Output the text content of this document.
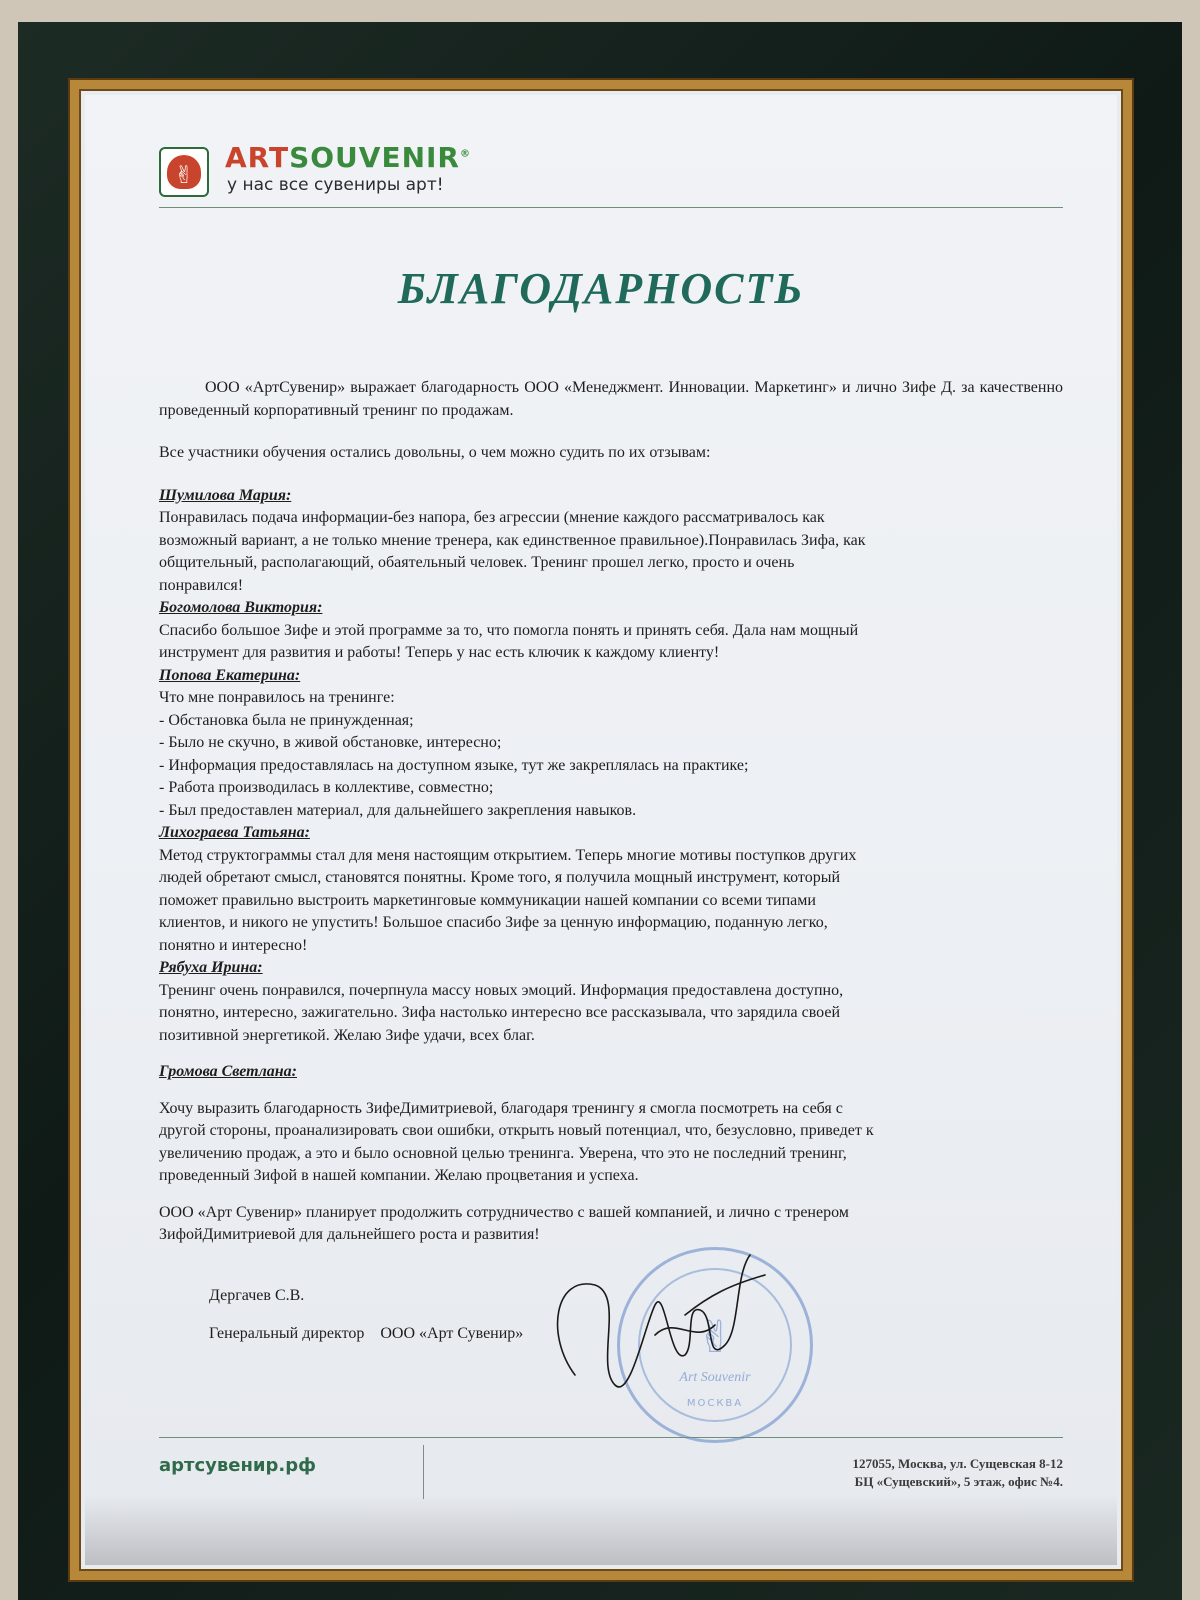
✌
ARTSOUVENIR®
у нас все сувениры арт!
БЛАГОДАРНОСТЬ

ООО «АртСувенир» выражает благодарность ООО «Менеджмент. Инновации. Маркетинг» и лично Зифе Д. за качественно проведенный корпоративный тренинг по продажам.

Все участники обучения остались довольны, о чем можно судить по их отзывам:

Шумилова Мария:

Понравилась подача информации-без напора, без агрессии (мнение каждого рассматривалось как

возможный вариант, а не только мнение тренера, как единственное правильное).Понравилась Зифа, как

общительный, располагающий, обаятельный человек. Тренинг прошел легко, просто и очень

понравился!

Богомолова Виктория:

Спасибо большое Зифе и этой программе за то, что помогла понять и принять себя. Дала нам мощный

инструмент для развития и работы! Теперь у нас есть ключик к каждому клиенту!

Попова Екатерина:

Что мне понравилось на тренинге:

- Обстановка была не принужденная;

- Было не скучно, в живой обстановке, интересно;

- Информация предоставлялась на доступном языке, тут же закреплялась на практике;

- Работа производилась в коллективе, совместно;

- Был предоставлен материал, для дальнейшего закрепления навыков.

Лихограева Татьяна:

Метод структограммы стал для меня настоящим открытием. Теперь многие мотивы поступков других

людей обретают смысл, становятся понятны. Кроме того, я получила мощный инструмент, который

поможет правильно выстроить маркетинговые коммуникации нашей компании со всеми типами

клиентов, и никого не упустить! Большое спасибо Зифе за ценную информацию, поданную легко,

понятно и интересно!

Рябуха Ирина:

Тренинг очень понравился, почерпнула массу новых эмоций. Информация предоставлена доступно,

понятно, интересно, зажигательно. Зифа настолько интересно все рассказывала, что зарядила своей

позитивной энергетикой. Желаю Зифе удачи, всех благ.

Громова Светлана:

Хочу выразить благодарность ЗифеДимитриевой, благодаря тренингу я смогла посмотреть на себя с

другой стороны, проанализировать свои ошибки, открыть новый потенциал, что, безусловно, приведет к

увеличению продаж, а это и было основной целью тренинга. Уверена, что это не последний тренинг,

проведенный Зифой в нашей компании. Желаю процветания и успеха.

ООО «Арт Сувенир» планирует продолжить сотрудничество с вашей компанией, и лично с тренером

ЗифойДимитриевой для дальнейшего роста и развития!

✌
Art Souvenir
МОСКВА
Дергачев С.В.
Генеральный директор ООО «Арт Сувенир»
артсувенир.рф	127055, Москва, ул. Сущевская 8-12
БЦ «Сущевский», 5 этаж, офис №4.
